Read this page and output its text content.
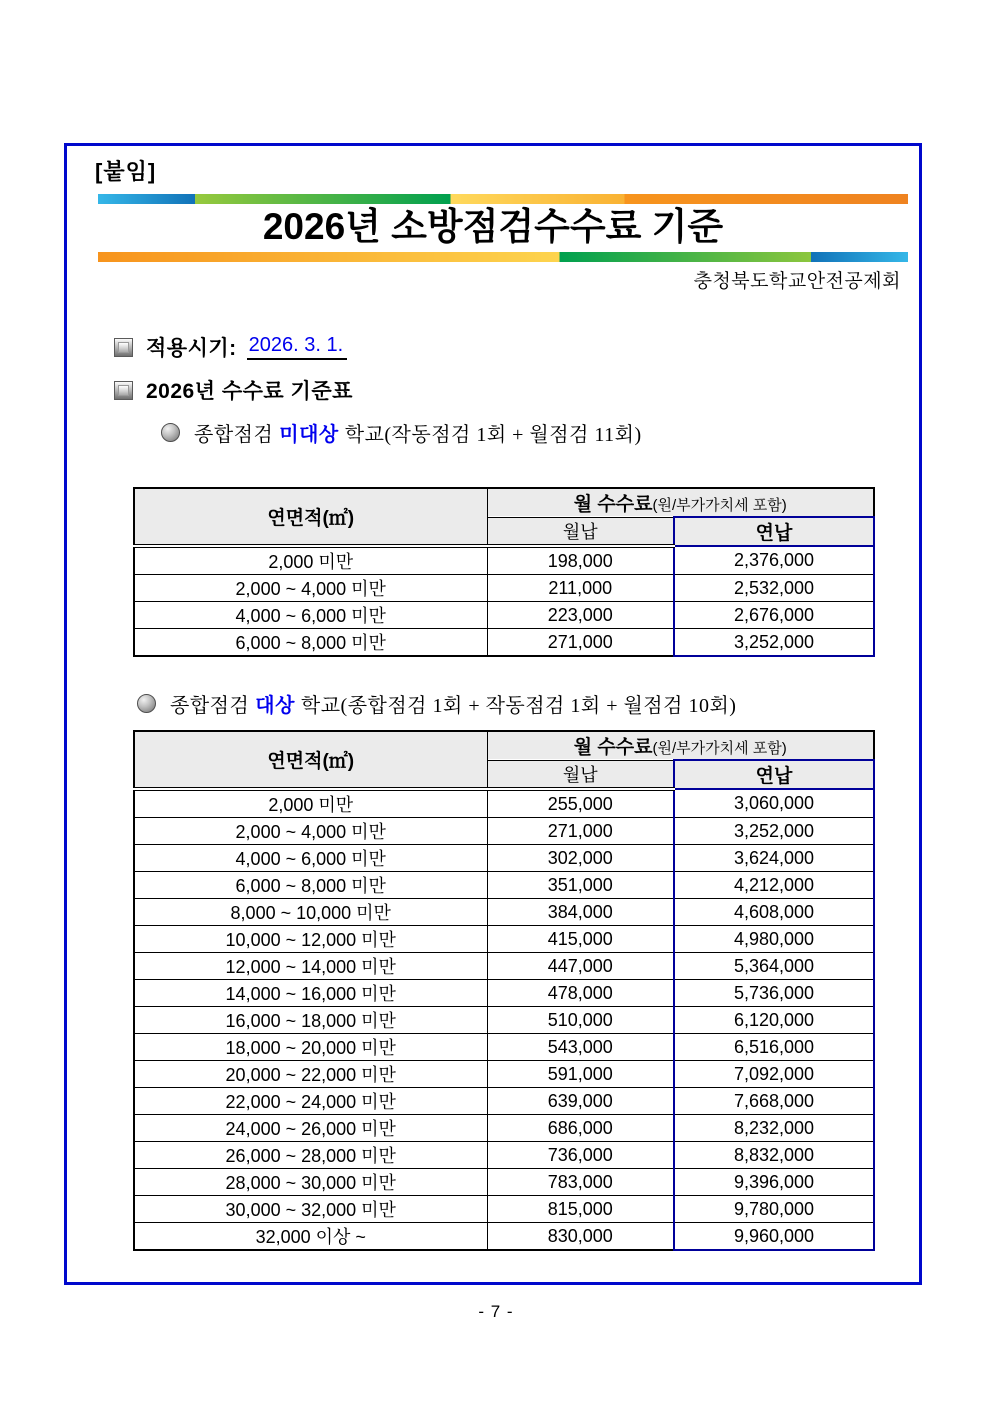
[붙임]
2026년 소방점검수수료 기준
충청북도학교안전공제회
적용시기: 2026. 3. 1.
2026년 수수료 기준표
종합점검 미대상 학교(작동점검 1회 + 월점검 11회)
연면적(㎡)	월 수수료(원/부가가치세 포함)	
	월납	연납
2,000 미만	198,000	2,376,000
2,000 ~ 4,000 미만	211,000	2,532,000
4,000 ~ 6,000 미만	223,000	2,676,000
6,000 ~ 8,000 미만	271,000	3,252,000
종합점검 대상 학교(종합점검 1회 + 작동점검 1회 + 월점검 10회)
연면적(㎡)	월 수수료(원/부가가치세 포함)	
	월납	연납
2,000 미만	255,000	3,060,000
2,000 ~ 4,000 미만	271,000	3,252,000
4,000 ~ 6,000 미만	302,000	3,624,000
6,000 ~ 8,000 미만	351,000	4,212,000
8,000 ~ 10,000 미만	384,000	4,608,000
10,000 ~ 12,000 미만	415,000	4,980,000
12,000 ~ 14,000 미만	447,000	5,364,000
14,000 ~ 16,000 미만	478,000	5,736,000
16,000 ~ 18,000 미만	510,000	6,120,000
18,000 ~ 20,000 미만	543,000	6,516,000
20,000 ~ 22,000 미만	591,000	7,092,000
22,000 ~ 24,000 미만	639,000	7,668,000
24,000 ~ 26,000 미만	686,000	8,232,000
26,000 ~ 28,000 미만	736,000	8,832,000
28,000 ~ 30,000 미만	783,000	9,396,000
30,000 ~ 32,000 미만	815,000	9,780,000
32,000 이상 ~	830,000	9,960,000
- 7 -
